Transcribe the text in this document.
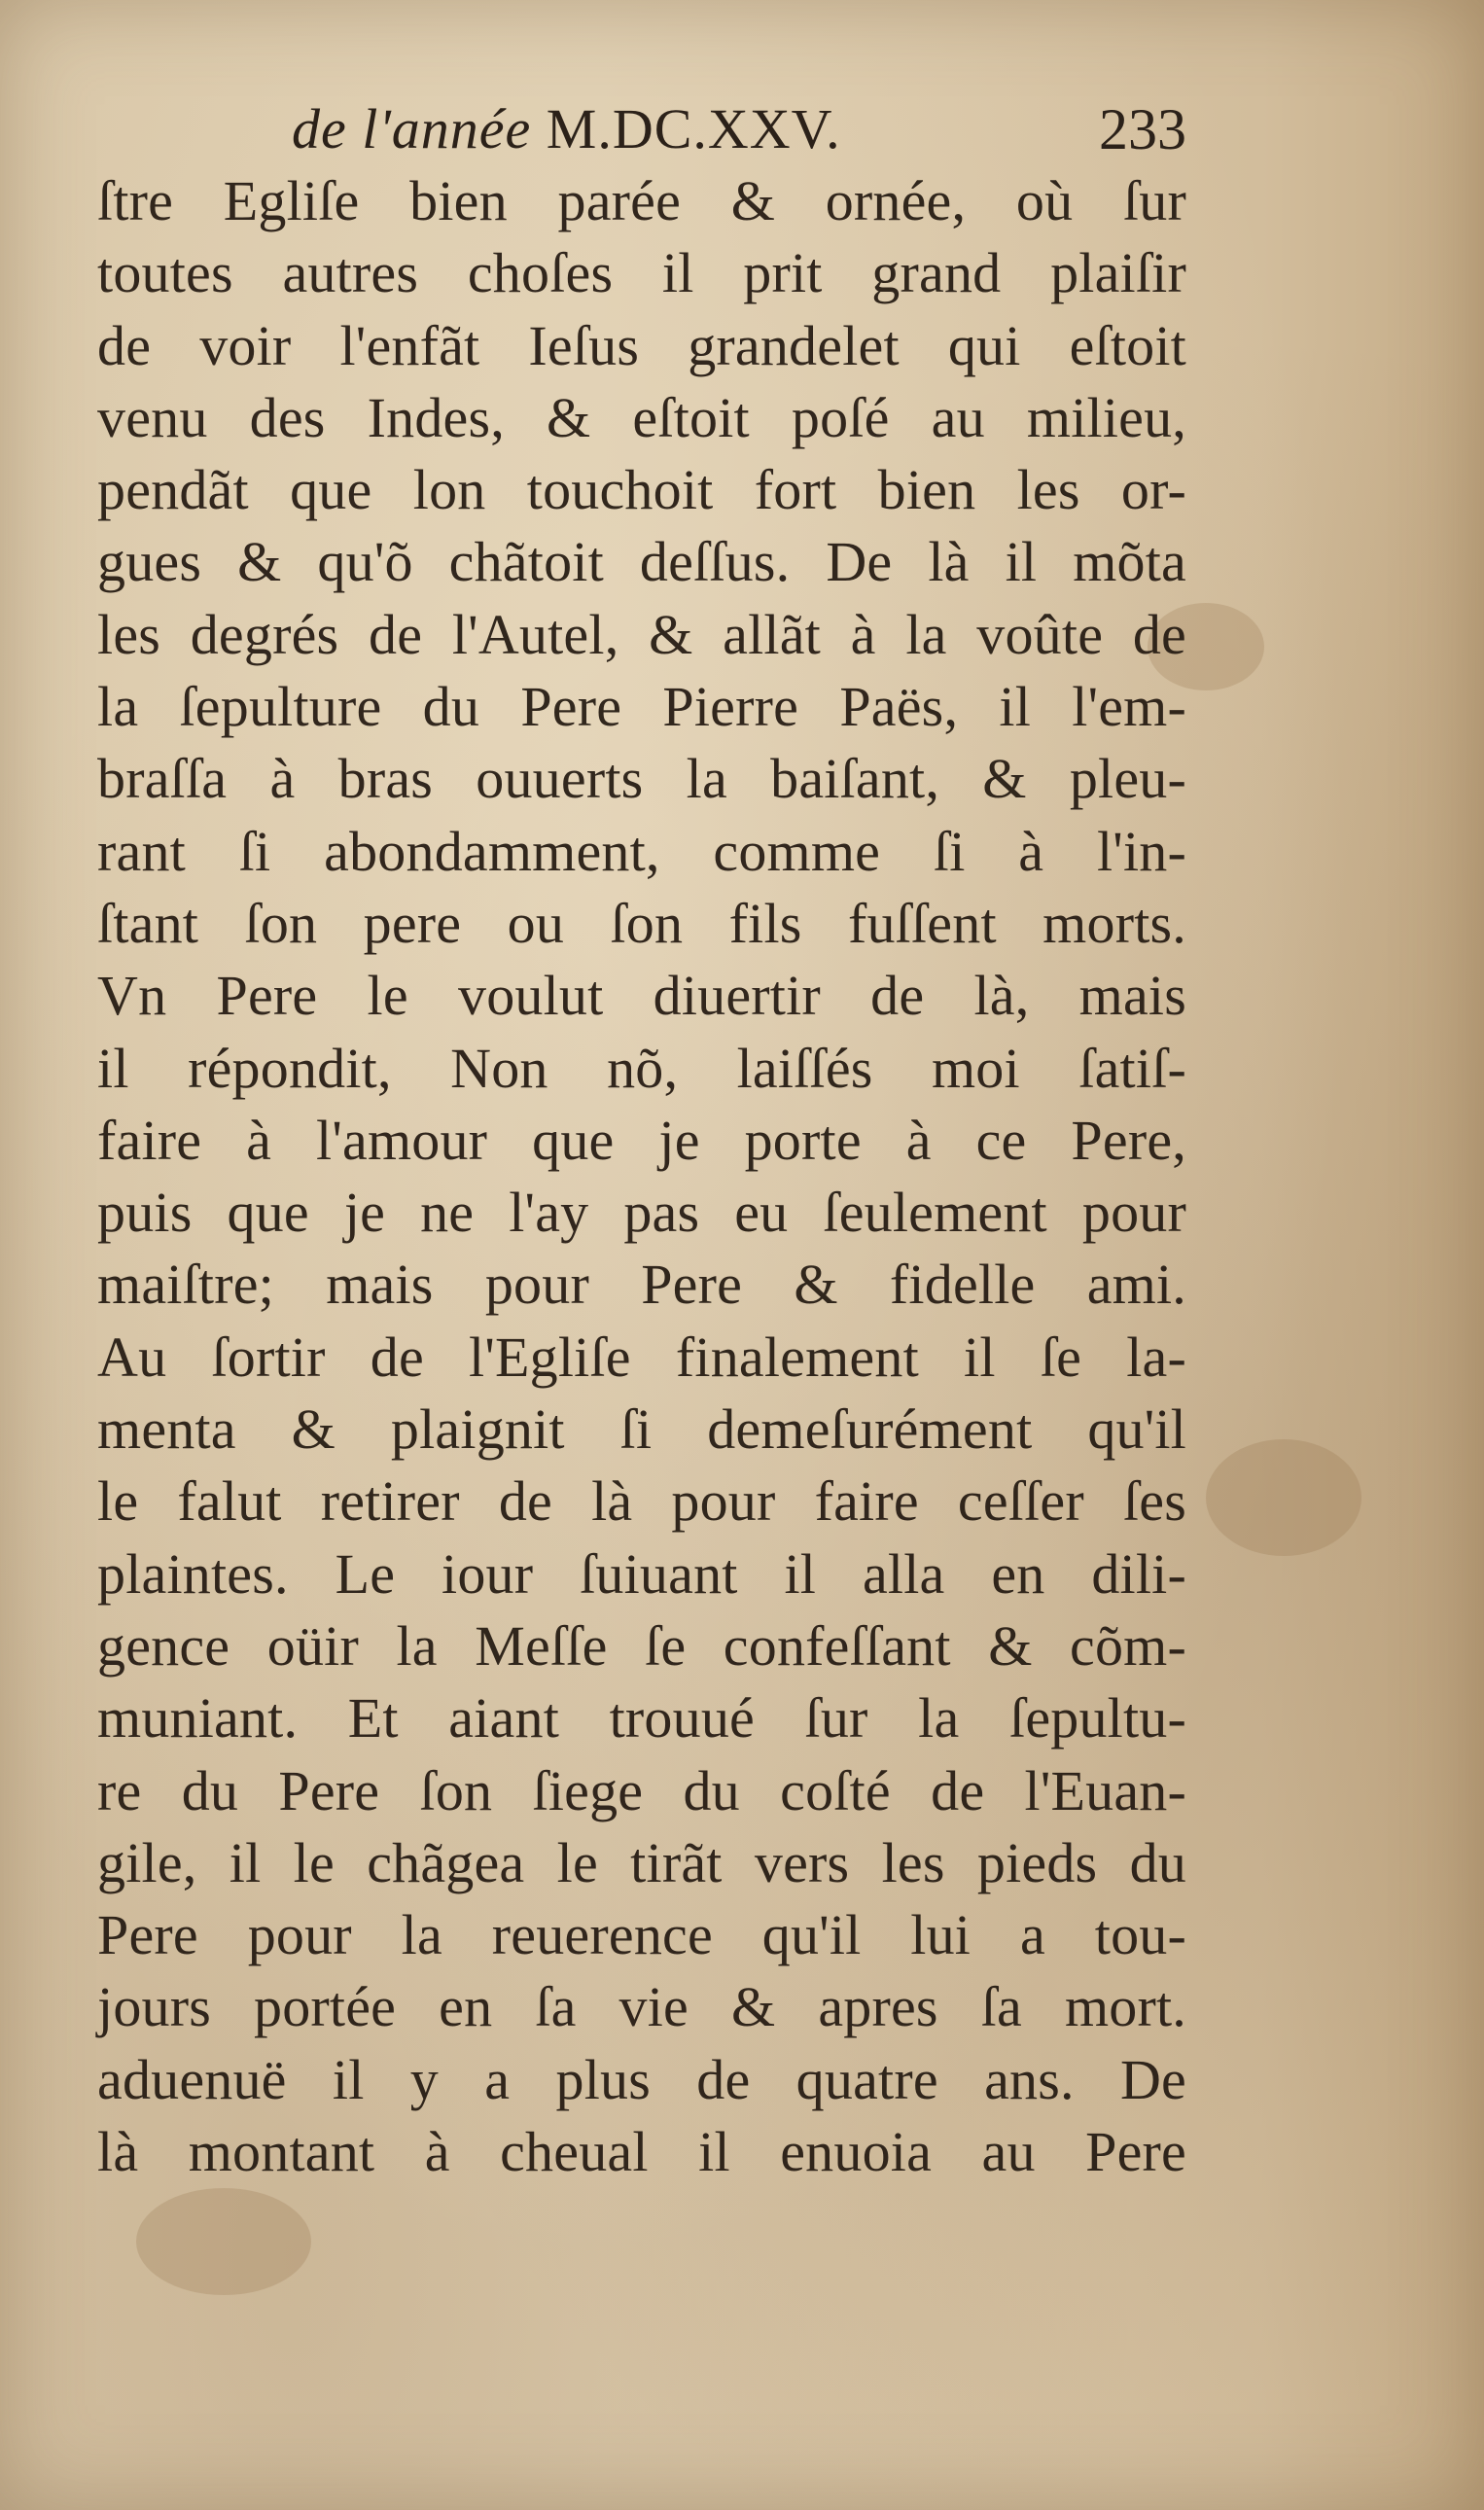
de l'année M.DC.XXV.	233
ſtre Egliſe bien parée & ornée, où ſur
toutes autres choſes il prit grand plaiſir
de voir l'enfãt Ieſus grandelet qui eſtoit
venu des Indes, & eſtoit poſé au milieu,
pendãt que lon touchoit fort bien les or-
gues & qu'õ chãtoit deſſus. De là il mõta
les degrés de l'Autel, & allãt à la voûte de
la ſepulture du Pere Pierre Paës, il l'em-
braſſa à bras ouuerts la baiſant, & pleu-
rant ſi abondamment, comme ſi à l'in-
ſtant ſon pere ou ſon fils fuſſent morts.
Vn Pere le voulut diuertir de là, mais
il répondit, Non nõ, laiſſés moi ſatiſ-
faire à l'amour que je porte à ce Pere,
puis que je ne l'ay pas eu ſeulement pour
maiſtre; mais pour Pere & fidelle ami.
Au ſortir de l'Egliſe finalement il ſe la-
menta & plaignit ſi demeſurément qu'il
le falut retirer de là pour faire ceſſer ſes
plaintes. Le iour ſuiuant il alla en dili-
gence oüir la Meſſe ſe confeſſant & cõm-
muniant. Et aiant trouué ſur la ſepultu-
re du Pere ſon ſiege du coſté de l'Euan-
gile, il le chãgea le tirãt vers les pieds du
Pere pour la reuerence qu'il lui a tou-
jours portée en ſa vie & apres ſa mort.
aduenuë il y a plus de quatre ans. De
là montant à cheual il enuoia au Pere
